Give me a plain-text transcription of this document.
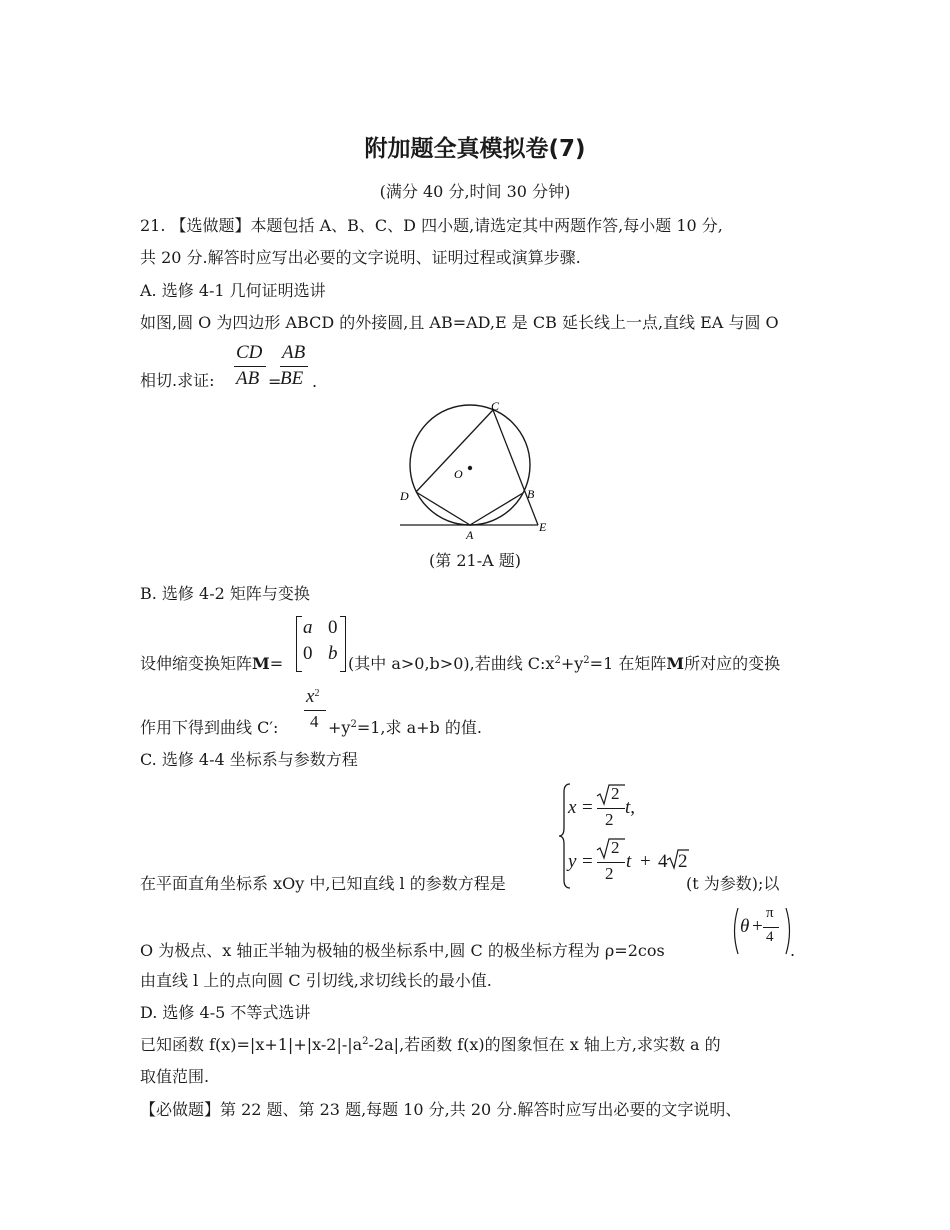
附加题全真模拟卷(7)
(满分 40 分,时间 30 分钟)
21. 【选做题】本题包括 A、B、C、D 四小题,请选定其中两题作答,每小题 10 分,
共 20 分.解答时应写出必要的文字说明、证明过程或演算步骤.
A. 选修 4-1 几何证明选讲
如图,圆 O 为四边形 ABCD 的外接圆,且 AB=AD,E 是 CB 延长线上一点,直线 EA 与圆 O
相切.求证:
CD
AB =
AB
BE .
C
O
D	B
A
E
(第 21-A 题)
B. 选修 4-2 矩阵与变换
设伸缩变换矩阵M=
a 0
0 b (其中 a>0,b>0),若曲线 $C:x^2+y^2=1$ 在矩阵M所对应的变换
作用下得到曲线 C′:
$x^2$
$4 +y^2=1$,求 a+b 的值.
C. 选修 4-4 坐标系与参数方程
x =
2
2
t,
y =
2
2
t + 4 2
在平面直角坐标系 xOy 中,已知直线 l 的参数方程是	(t 为参数);以
O 为极点、x 轴正半轴为极轴的极坐标系中,圆 C 的极坐标方程为 ρ=2cos
θ +
π
4
.
由直线 l 上的点向圆 C 引切线,求切线长的最小值.
D. 选修 4-5 不等式选讲
已知函数 $f(x)=|x+1|+|x-2|-|a^2-2a|$,若函数 f(x)的图象恒在 x 轴上方,求实数 a 的
取值范围.
【必做题】第 22 题、第 23 题,每题 10 分,共 20 分.解答时应写出必要的文字说明、
